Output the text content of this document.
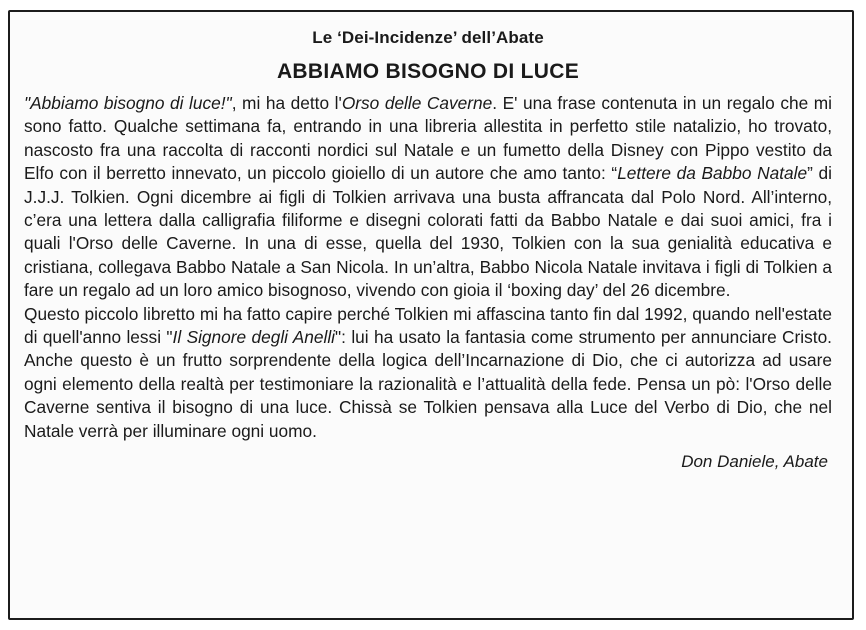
Le ‘Dei-Incidenze’ dell’Abate
ABBIAMO BISOGNO DI LUCE

"Abbiamo bisogno di luce!", mi ha detto l'Orso delle Caverne. E' una frase contenuta in un regalo che mi sono fatto. Qualche settimana fa, entrando in una libreria allestita in perfetto stile natalizio, ho trovato, nascosto fra una raccolta di racconti nordici sul Natale e un fumetto della Disney con Pippo vestito da Elfo con il berretto innevato, un piccolo gioiello di un autore che amo tanto: “Lettere da Babbo Natale” di J.J.J. Tolkien. Ogni dicembre ai figli di Tolkien arrivava una busta affrancata dal Polo Nord. All’interno, c’era una lettera dalla calligrafia filiforme e disegni colorati fatti da Babbo Natale e dai suoi amici, fra i quali l'Orso delle Caverne. In una di esse, quella del 1930, Tolkien con la sua genialità educativa e cristiana, collegava Babbo Natale a San Nicola. In un’altra, Babbo Nicola Natale invitava i figli di Tolkien a fare un regalo ad un loro amico bisognoso, vivendo con gioia il ‘boxing day’ del 26 dicembre.

Questo piccolo libretto mi ha fatto capire perché Tolkien mi affascina tanto fin dal 1992, quando nell'estate di quell'anno lessi "Il Signore degli Anelli": lui ha usato la fantasia come strumento per annunciare Cristo. Anche questo è un frutto sorprendente della logica dell’Incarnazione di Dio, che ci autorizza ad usare ogni elemento della realtà per testimoniare la razionalità e l’attualità della fede. Pensa un pò: l'Orso delle Caverne sentiva il bisogno di una luce. Chissà se Tolkien pensava alla Luce del Verbo di Dio, che nel Natale verrà per illuminare ogni uomo.

Don Daniele, Abate
